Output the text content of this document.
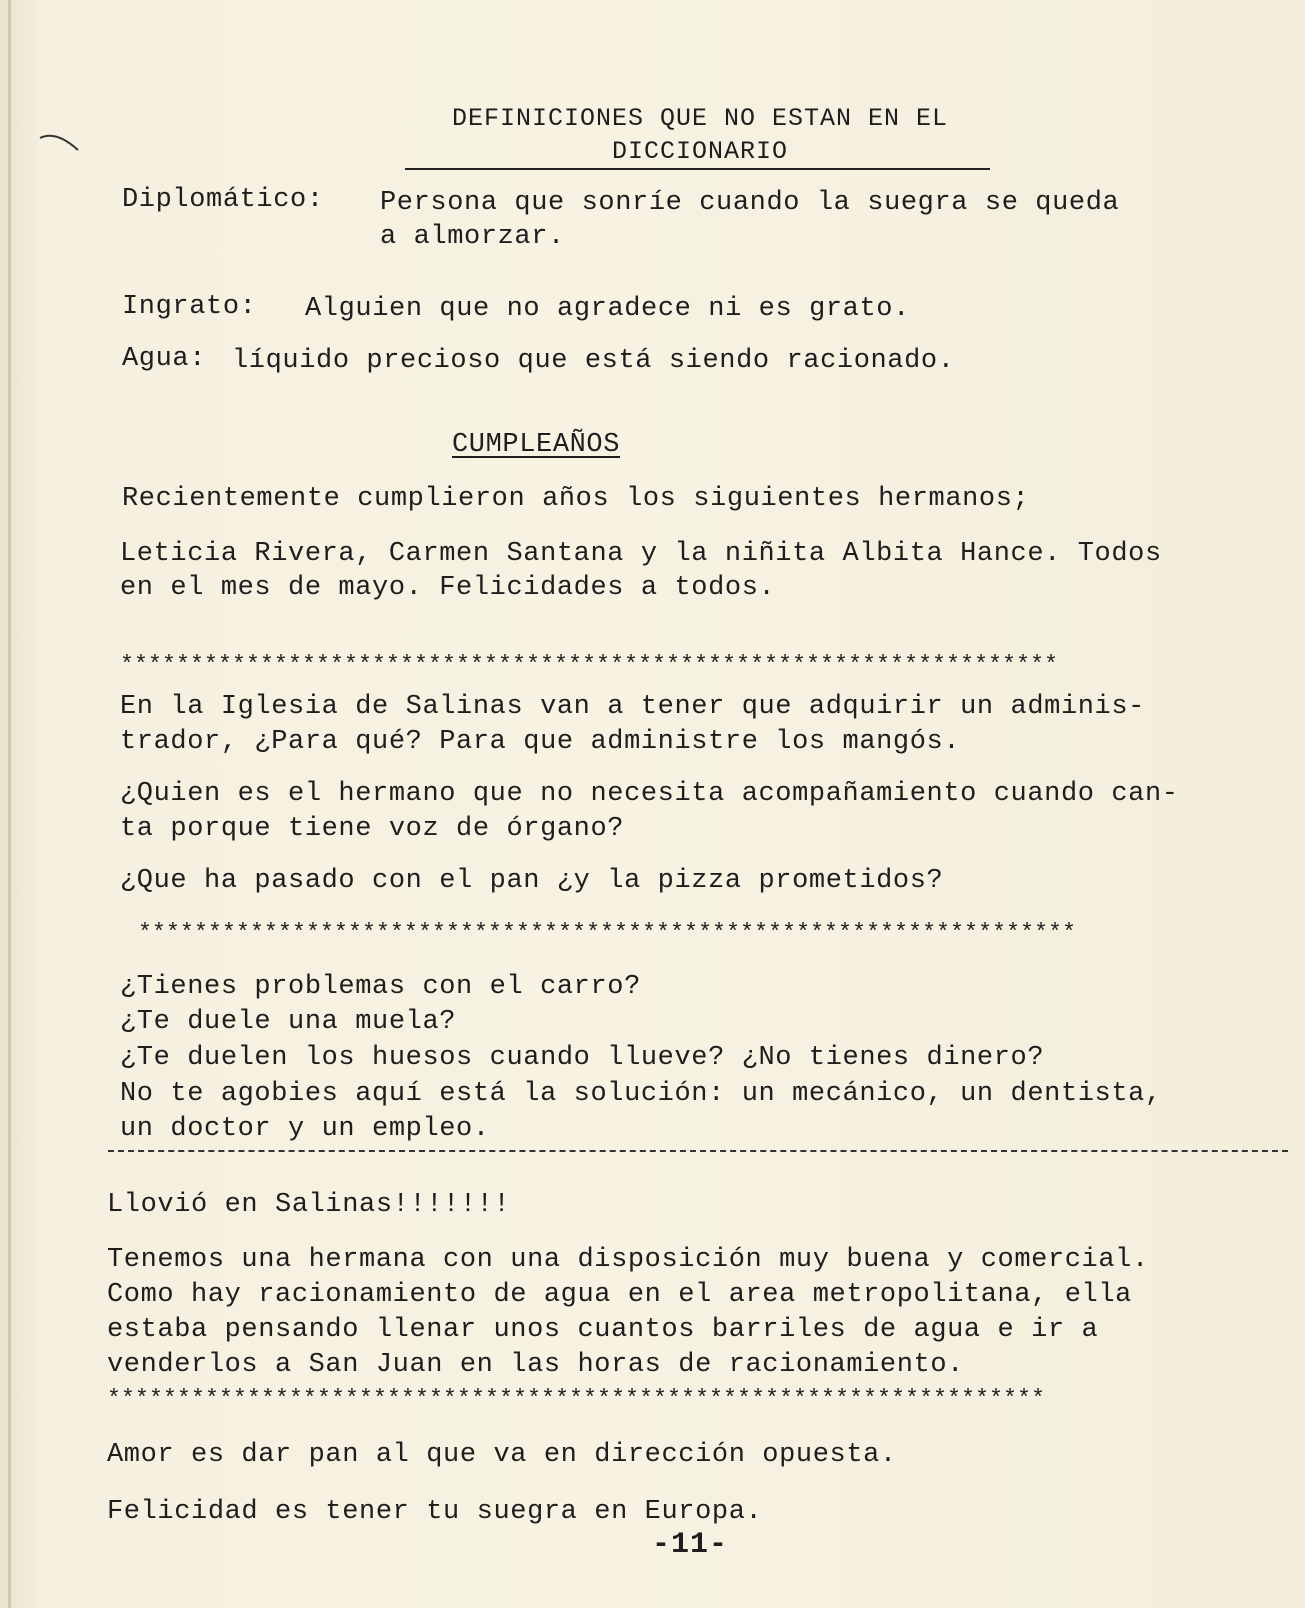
DEFINICIONES QUE NO ESTAN EN EL
DICCIONARIO
Diplomático: Persona que sonríe cuando la suegra se queda
a almorzar.
Ingrato: Alguien que no agradece ni es grato.
Agua: líquido precioso que está siendo racionado.
CUMPLEAÑOS
Recientemente cumplieron años los siguientes hermanos;
Leticia Rivera, Carmen Santana y la niñita Albita Hance. Todos
en el mes de mayo. Felicidades a todos.
*******************************************************************
En la Iglesia de Salinas van a tener que adquirir un adminis-
trador, ¿Para qué? Para que administre los mangós.
¿Quien es el hermano que no necesita acompañamiento cuando can-
ta porque tiene voz de órgano?
¿Que ha pasado con el pan ¿y la pizza prometidos?
*******************************************************************
¿Tienes problemas con el carro?
¿Te duele una muela?
¿Te duelen los huesos cuando llueve? ¿No tienes dinero?
No te agobies aquí está la solución: un mecánico, un dentista,
un doctor y un empleo.
Llovió en Salinas!!!!!!!
Tenemos una hermana con una disposición muy buena y comercial.
Como hay racionamiento de agua en el area metropolitana, ella
estaba pensando llenar unos cuantos barriles de agua e ir a
venderlos a San Juan en las horas de racionamiento.
*******************************************************************
Amor es dar pan al que va en dirección opuesta.
Felicidad es tener tu suegra en Europa.
-11-
